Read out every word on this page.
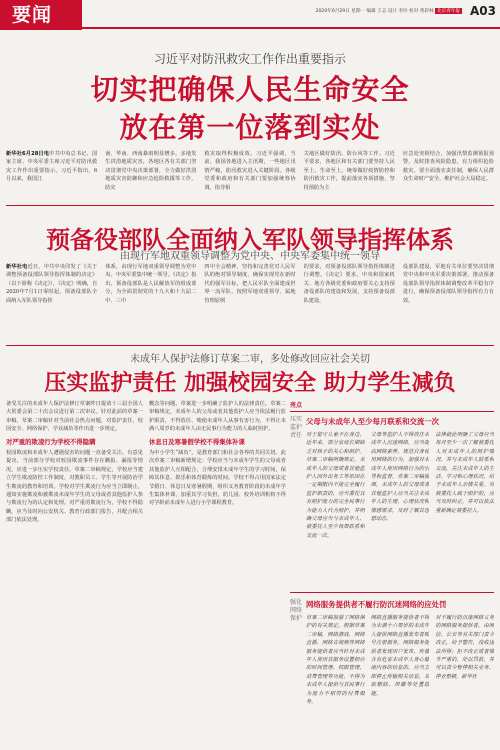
要闻	2020年6月29日 星期一 编辑 王志 设计 李玲 校对 黄彩林 北京青年报 A03
习近平对防汛救灾工作作出重要指示
切实把确保人民生命安全
放在第一位落到实处
新华社6月28日电中共中央总书记、国家主席、中央军委主席习近平对防汛救灾工作作出重要指示。习近平指出，6月以来，我国江
南、华南、西南暴雨明显增多，多地发生洪涝地质灾害，各地区各有关部门坚决贯彻党中央决策部署，全力做好洪涝地质灾害防御和应急抢险救援等工作，防灾
救灾取得积极成效。习近平强调，当前，我国各地进入主汛期，一些地区汛情严峻，防汛救灾进入关键阶段。各级党委和政府和有关部门要加强统筹协调，指导相
关地区做好防汛、防台风等工作。习近平要求，各地区和有关部门要坚持人民至上、生命至上，统筹做好疫情防控和防汛救灾工作，提前落实各项措施，坚持预防为主
应急处突相结合，加强汛情监测预报预警，及时排查风险隐患，有力组织抢险救灾。要全面落实责任制，确保人民群众生命财产安全，维护社会大局稳定。
预备役部队全面纳入军队领导指挥体系
由现行军地双重领导调整为党中央、中央军委集中统一领导
新华社电近日，中共中央印发了《关于调整预备役部队领导指挥体制的决定》（以下简称《决定》），《决定》明确，自2020年7月1日零时起，预备役部队全面纳入军队领导指挥
体系，由现行军地双重领导调整为党中央、中央军委集中统一领导。《决定》指出，预备役部队是人民解放军的组成部分，为全面贯彻党的十九大和十九届二中、三中
四中全会精神，坚持和完善党对人民军队的绝对领导制度，确保实现党在新时代的强军目标，把人民军队全面建成世界一流军队，按照军地双重领导、属地管理原则
的要求，对预备役部队领导指挥体制进行调整。《决定》要求，中央和国家机关、地方各级党委和政府要关心支持预备役部队的建设和发展，支持预备役部队建设，
役部队建设，军地有关单位要坚决贯彻党中央和中央军委决策部署，推动预备役部队领导指挥体制调整改革平稳有序进行，确保预备役部队领导指挥有力有效。
未成年人保护法修订草案二审，多处修改回应社会关切
压实监护责任 加强校园安全 助力学生减负

备受关注的未成年人保护法修订草案昨日提请十三届全国人大常委会第二十次会议进行第二次审议。针对此前的草案一审稿，草案二审稿针对当前社会热点问题，对监护责任、校园安全、网络保护、学业减负等作出进一步规定。

对严重的欺凌行为学校不得隐瞒

校园欺凌和未成年人遭遇侵害的问题一直备受关注。有意见提出，当前部分学校对校园欺凌事件存在瞒报、漏报等情况，应进一步压实学校责任。草案二审稿规定，学校应当建立学生欺凌防控工作制度，对教职员工、学生等开展防治学生欺凌的教育和培训。学校对学生欺凌行为应当立即制止，通知实施欺凌和被欺凌未成年学生的父母或者其他监护人参与欺凌行为的认定和处理。对严重的欺凌行为，学校不得隐瞒，应当及时向公安机关、教育行政部门报告，并配合相关部门依法处理。

概念等问题，草案进一步明确了监护人的法律责任。草案二审稿规定，未成年人的父母或者其他监护人应当依法履行监护职责，不得放任、唆使未成年人从事有害行为，不得让未满八周岁的未成年人由无民事行为能力的人临时照护。

休息日及寒暑假学校不得集体补课

为中小学生“减负”，是教育部门和社会各界的共同关切。此次草案二审稿新增规定：学校应当与未成年学生的父母或者其他监护人互相配合，合理安排未成年学生的学习时间，保障其休息、娱乐和体育锻炼的时间。学校不得占用国家法定节假日、休息日及寒暑假期，组织义务教育阶段的未成年学生集体补课，加重其学习负担。幼儿园、校外培训机构不得对学龄前未成年人进行小学课程教育。

亮点
压实监护责任
父母与未成年人至少每月联系和交流一次
对于留守儿童不在身边，近年来，部分家庭长期缺乏对孩子的关心和照护。草案二审稿明确规定，未成年人的父母或者其他监护人因外出务工等原因在一定期限内不能完全履行监护职责的，应当委托具有照护能力的完全民事行为能力人代为照护，并明确父母应当与未成年人、被委托人至少每周联系和交流一次。
父母等监护人不得放任未成年人沉迷网络，应当提高网络素养，规范自身使用网络的行为，加强对未成年人使用网络行为的引导和监督。草案二审稿强调，未成年人的父母或者其他监护人应当关注未成年人的生理、心理状况和情感需求，及时了解其思想动态。
法律就此明确了父母应当每月至少一次了解被委托人对未成年人的照护情况，并与未成年人联系和交流，关注未成年人的生活、学习和心理状况，给予未成年人亲情关爱。对被委托人疏于照护的，应当及时纠正，并可以依法重新确定被委托人。
强化网络保护
网络服务提供者不履行防沉迷网络的应处罚
草案二审稿加强了网络保护的有关规定。根据草案二审稿，网络游戏、网络直播、网络音视频等网络服务提供者应当针对未成年人使用其服务设置相应的时间管理、权限管理、消费管理等功能，不得为未成年人提供与其民事行为能力不相符的付费服务。
网络直播服务提供者不得为未满十六周岁的未成年人提供网络直播发布者账号注册服务。网络服务提供者发现用户发布、传播含有危害未成年人身心健康内容的信息的，应当立即停止传输相关信息，采取删除、屏蔽等处置措施。
对不履行防沉迷网络义务的网络服务提供者，由网信、公安等有关部门责令改正，给予警告，没收违法所得；拒不改正或者情节严重的，处以罚款，并可以责令暂停相关业务、停业整顿。新华社
